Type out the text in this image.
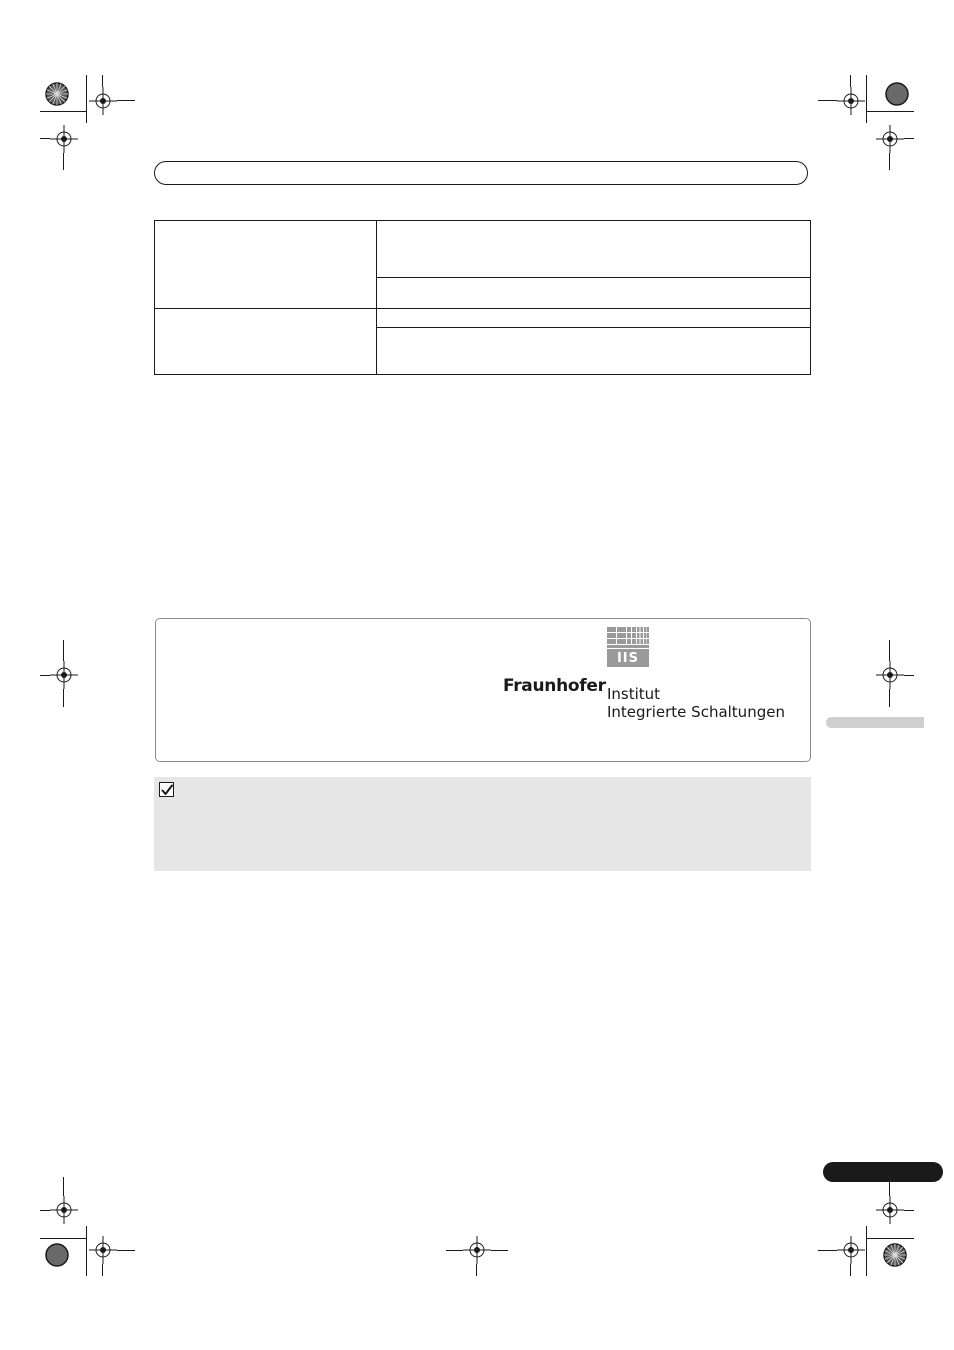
IIS
Fraunhofer Institut
Integrierte Schaltungen
